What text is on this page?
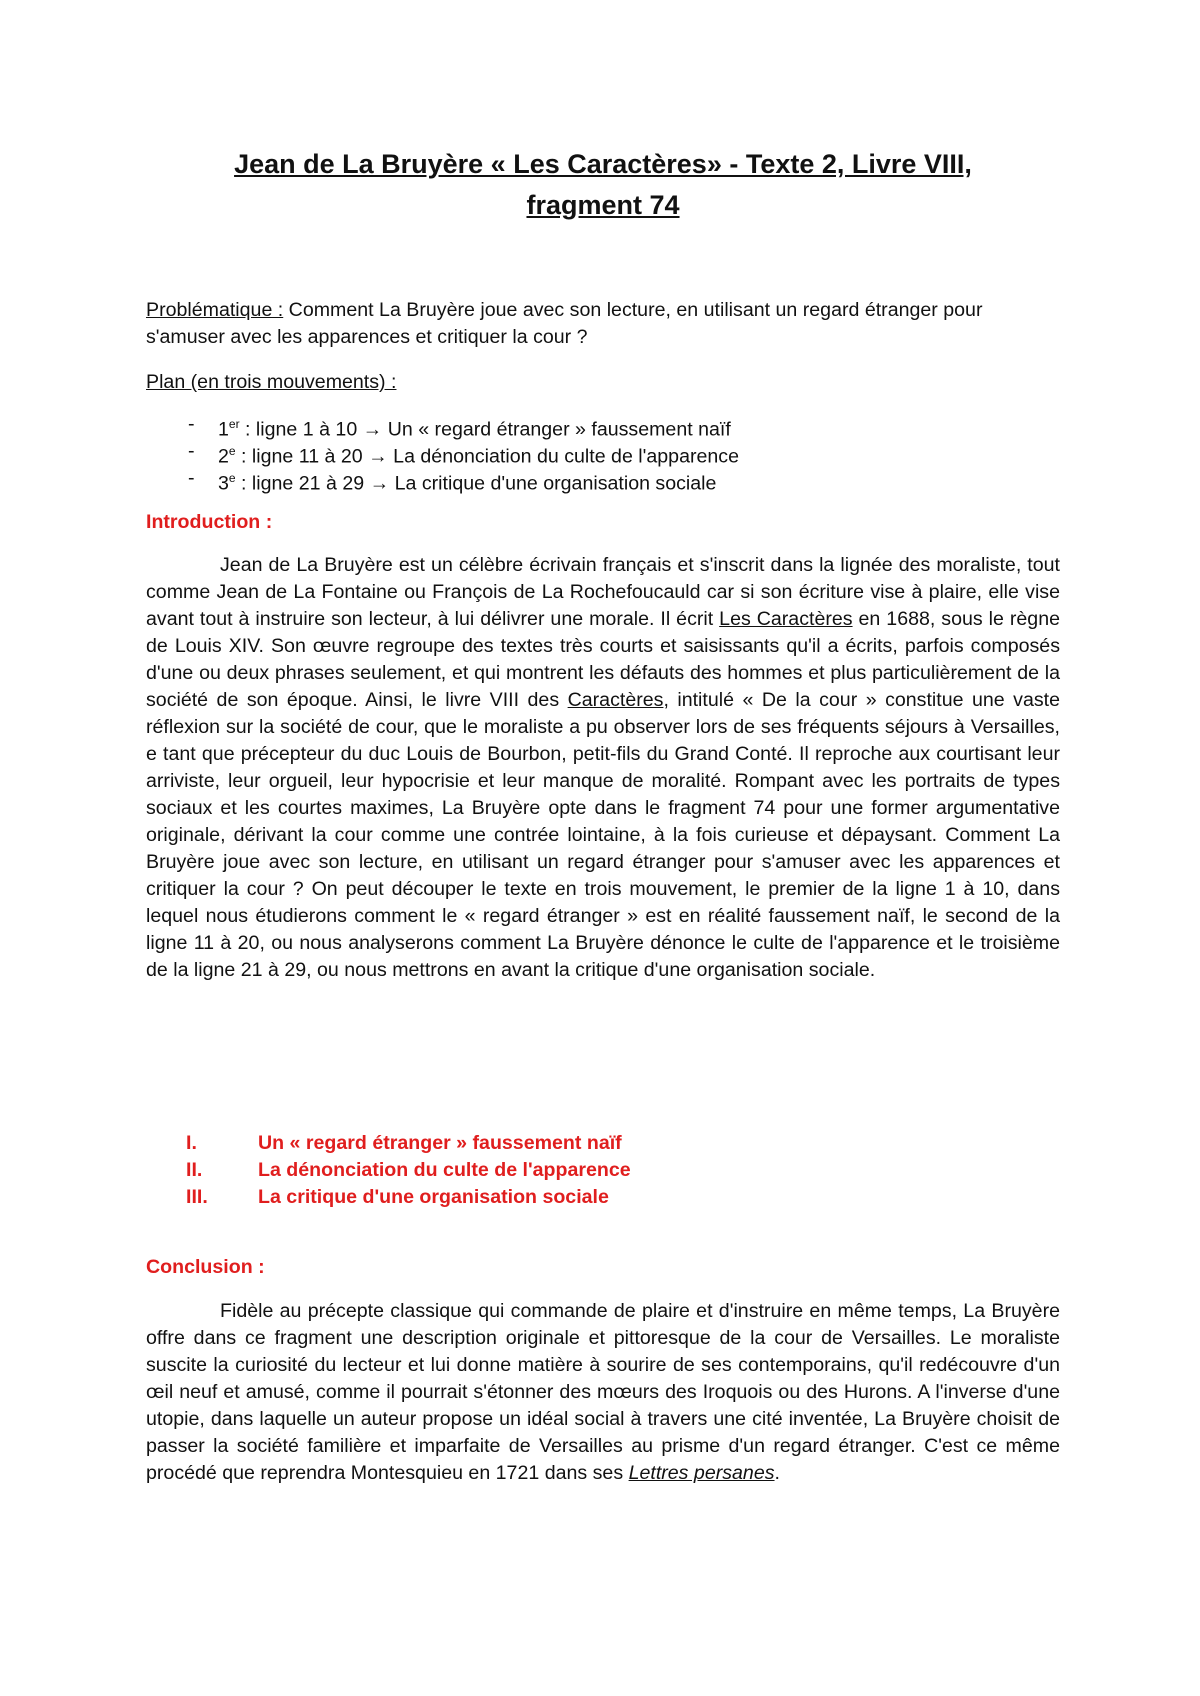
Jean de La Bruyère « Les Caractères» - Texte 2, Livre VIII,
fragment 74
Problématique : Comment La Bruyère joue avec son lecture, en utilisant un regard étranger pour s'amuser avec les apparences et critiquer la cour ?
Plan (en trois mouvements) :
- 1er : ligne 1 à 10 → Un « regard étranger » faussement naïf
- 2e : ligne 11 à 20 → La dénonciation du culte de l'apparence
- 3e : ligne 21 à 29 → La critique d'une organisation sociale
Introduction :
Jean de La Bruyère est un célèbre écrivain français et s'inscrit dans la lignée des moraliste, tout comme Jean de La Fontaine ou François de La Rochefoucauld car si son écriture vise à plaire, elle vise avant tout à instruire son lecteur, à lui délivrer une morale. Il écrit Les Caractères en 1688, sous le règne de Louis XIV. Son œuvre regroupe des textes très courts et saisissants qu'il a écrits, parfois composés d'une ou deux phrases seulement, et qui montrent les défauts des hommes et plus particulièrement de la société de son époque. Ainsi, le livre VIII des Caractères, intitulé « De la cour » constitue une vaste réflexion sur la société de cour, que le moraliste a pu observer lors de ses fréquents séjours à Versailles, e tant que précepteur du duc Louis de Bourbon, petit-fils du Grand Conté. Il reproche aux courtisant leur arriviste, leur orgueil, leur hypocrisie et leur manque de moralité. Rompant avec les portraits de types sociaux et les courtes maximes, La Bruyère opte dans le fragment 74 pour une former argumentative originale, dérivant la cour comme une contrée lointaine, à la fois curieuse et dépaysant. Comment La Bruyère joue avec son lecture, en utilisant un regard étranger pour s'amuser avec les apparences et critiquer la cour ? On peut découper le texte en trois mouvement, le premier de la ligne 1 à 10, dans lequel nous étudierons comment le « regard étranger » est en réalité faussement naïf, le second de la ligne 11 à 20, ou nous analyserons comment La Bruyère dénonce le culte de l'apparence et le troisième de la ligne 21 à 29, ou nous mettrons en avant la critique d'une organisation sociale.
I.	Un « regard étranger » faussement naïf
II.	La dénonciation du culte de l'apparence
III.	La critique d'une organisation sociale
Conclusion :
Fidèle au précepte classique qui commande de plaire et d'instruire en même temps, La Bruyère offre dans ce fragment une description originale et pittoresque de la cour de Versailles. Le moraliste suscite la curiosité du lecteur et lui donne matière à sourire de ses contemporains, qu'il redécouvre d'un œil neuf et amusé, comme il pourrait s'étonner des mœurs des Iroquois ou des Hurons. A l'inverse d'une utopie, dans laquelle un auteur propose un idéal social à travers une cité inventée, La Bruyère choisit de passer la société familière et imparfaite de Versailles au prisme d'un regard étranger. C'est ce même procédé que reprendra Montesquieu en 1721 dans ses Lettres persanes.
